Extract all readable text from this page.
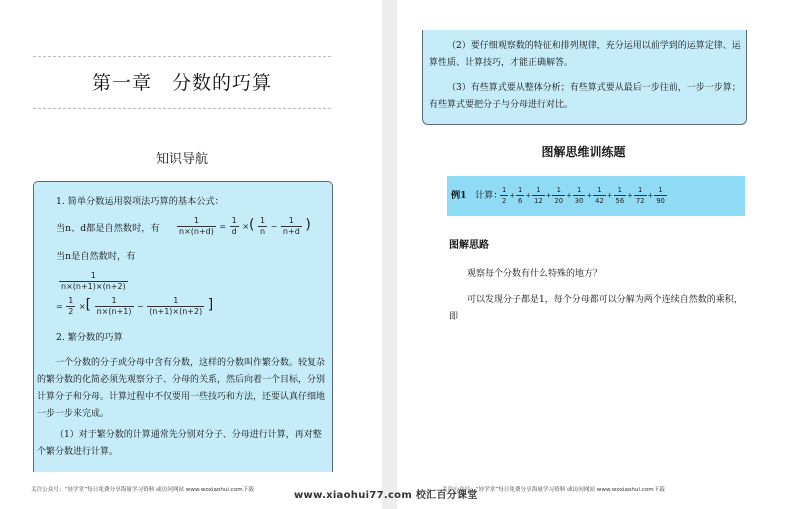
第一章　分数的巧算
知识导航
1. 简单分数运用裂项法巧算的基本公式：
当n、d都是自然数时，有 $\frac{1}{n\times(n+d)} = \frac{1}{d}$ ×( $\frac{1}{n} - \frac{1}{n+d}$ )
当n是自然数时，有
$\frac{1}{n\times(n+1)\times(n+2)}$
= $\frac{1}{2}$ ×[ $\frac{1}{n\times(n+1)} - \frac{1}{(n+1)\times(n+2)}$ ]
2. 繁分数的巧算
一个分数的分子或分母中含有分数，这样的分数叫作繁分数。较复杂的繁分数的化简必须先观察分子、分母的关系，然后向着一个目标，分别计算分子和分母。计算过程中不仅要用一些技巧和方法，还要认真仔细地一步一步来完成。
（1）对于繁分数的计算通常先分别对分子、分母进行计算，再对整个繁分数进行计算。
关注公众号：“娃学堂”每日免费分享海量学习资料 或访问网站 www.woxiaohui.com下载
（2）要仔细观察数的特征和排列规律，充分运用以前学到的运算定律、运算性质、计算技巧，才能正确解答。
（3）有些算式要从整体分析；有些算式要从最后一步往前，一步一步算；有些算式要把分子与分母进行对比。
图解思维训练题
例1 计算：
$\frac{1}{2} + \frac{1}{6} + \frac{1}{12} + \frac{1}{20} + \frac{1}{30} + \frac{1}{42} + \frac{1}{56} + \frac{1}{72} + \frac{1}{90}$
图解思路
观察每个分数有什么特殊的地方？
可以发现分子都是1，每个分母都可以分解为两个连续自然数的乘积，即
关注公众号：“娃学堂”每日免费分享海量学习资料 或访问网站 www.woxiaohui.com下载
www.xiaohui77.com 校汇百分课堂
